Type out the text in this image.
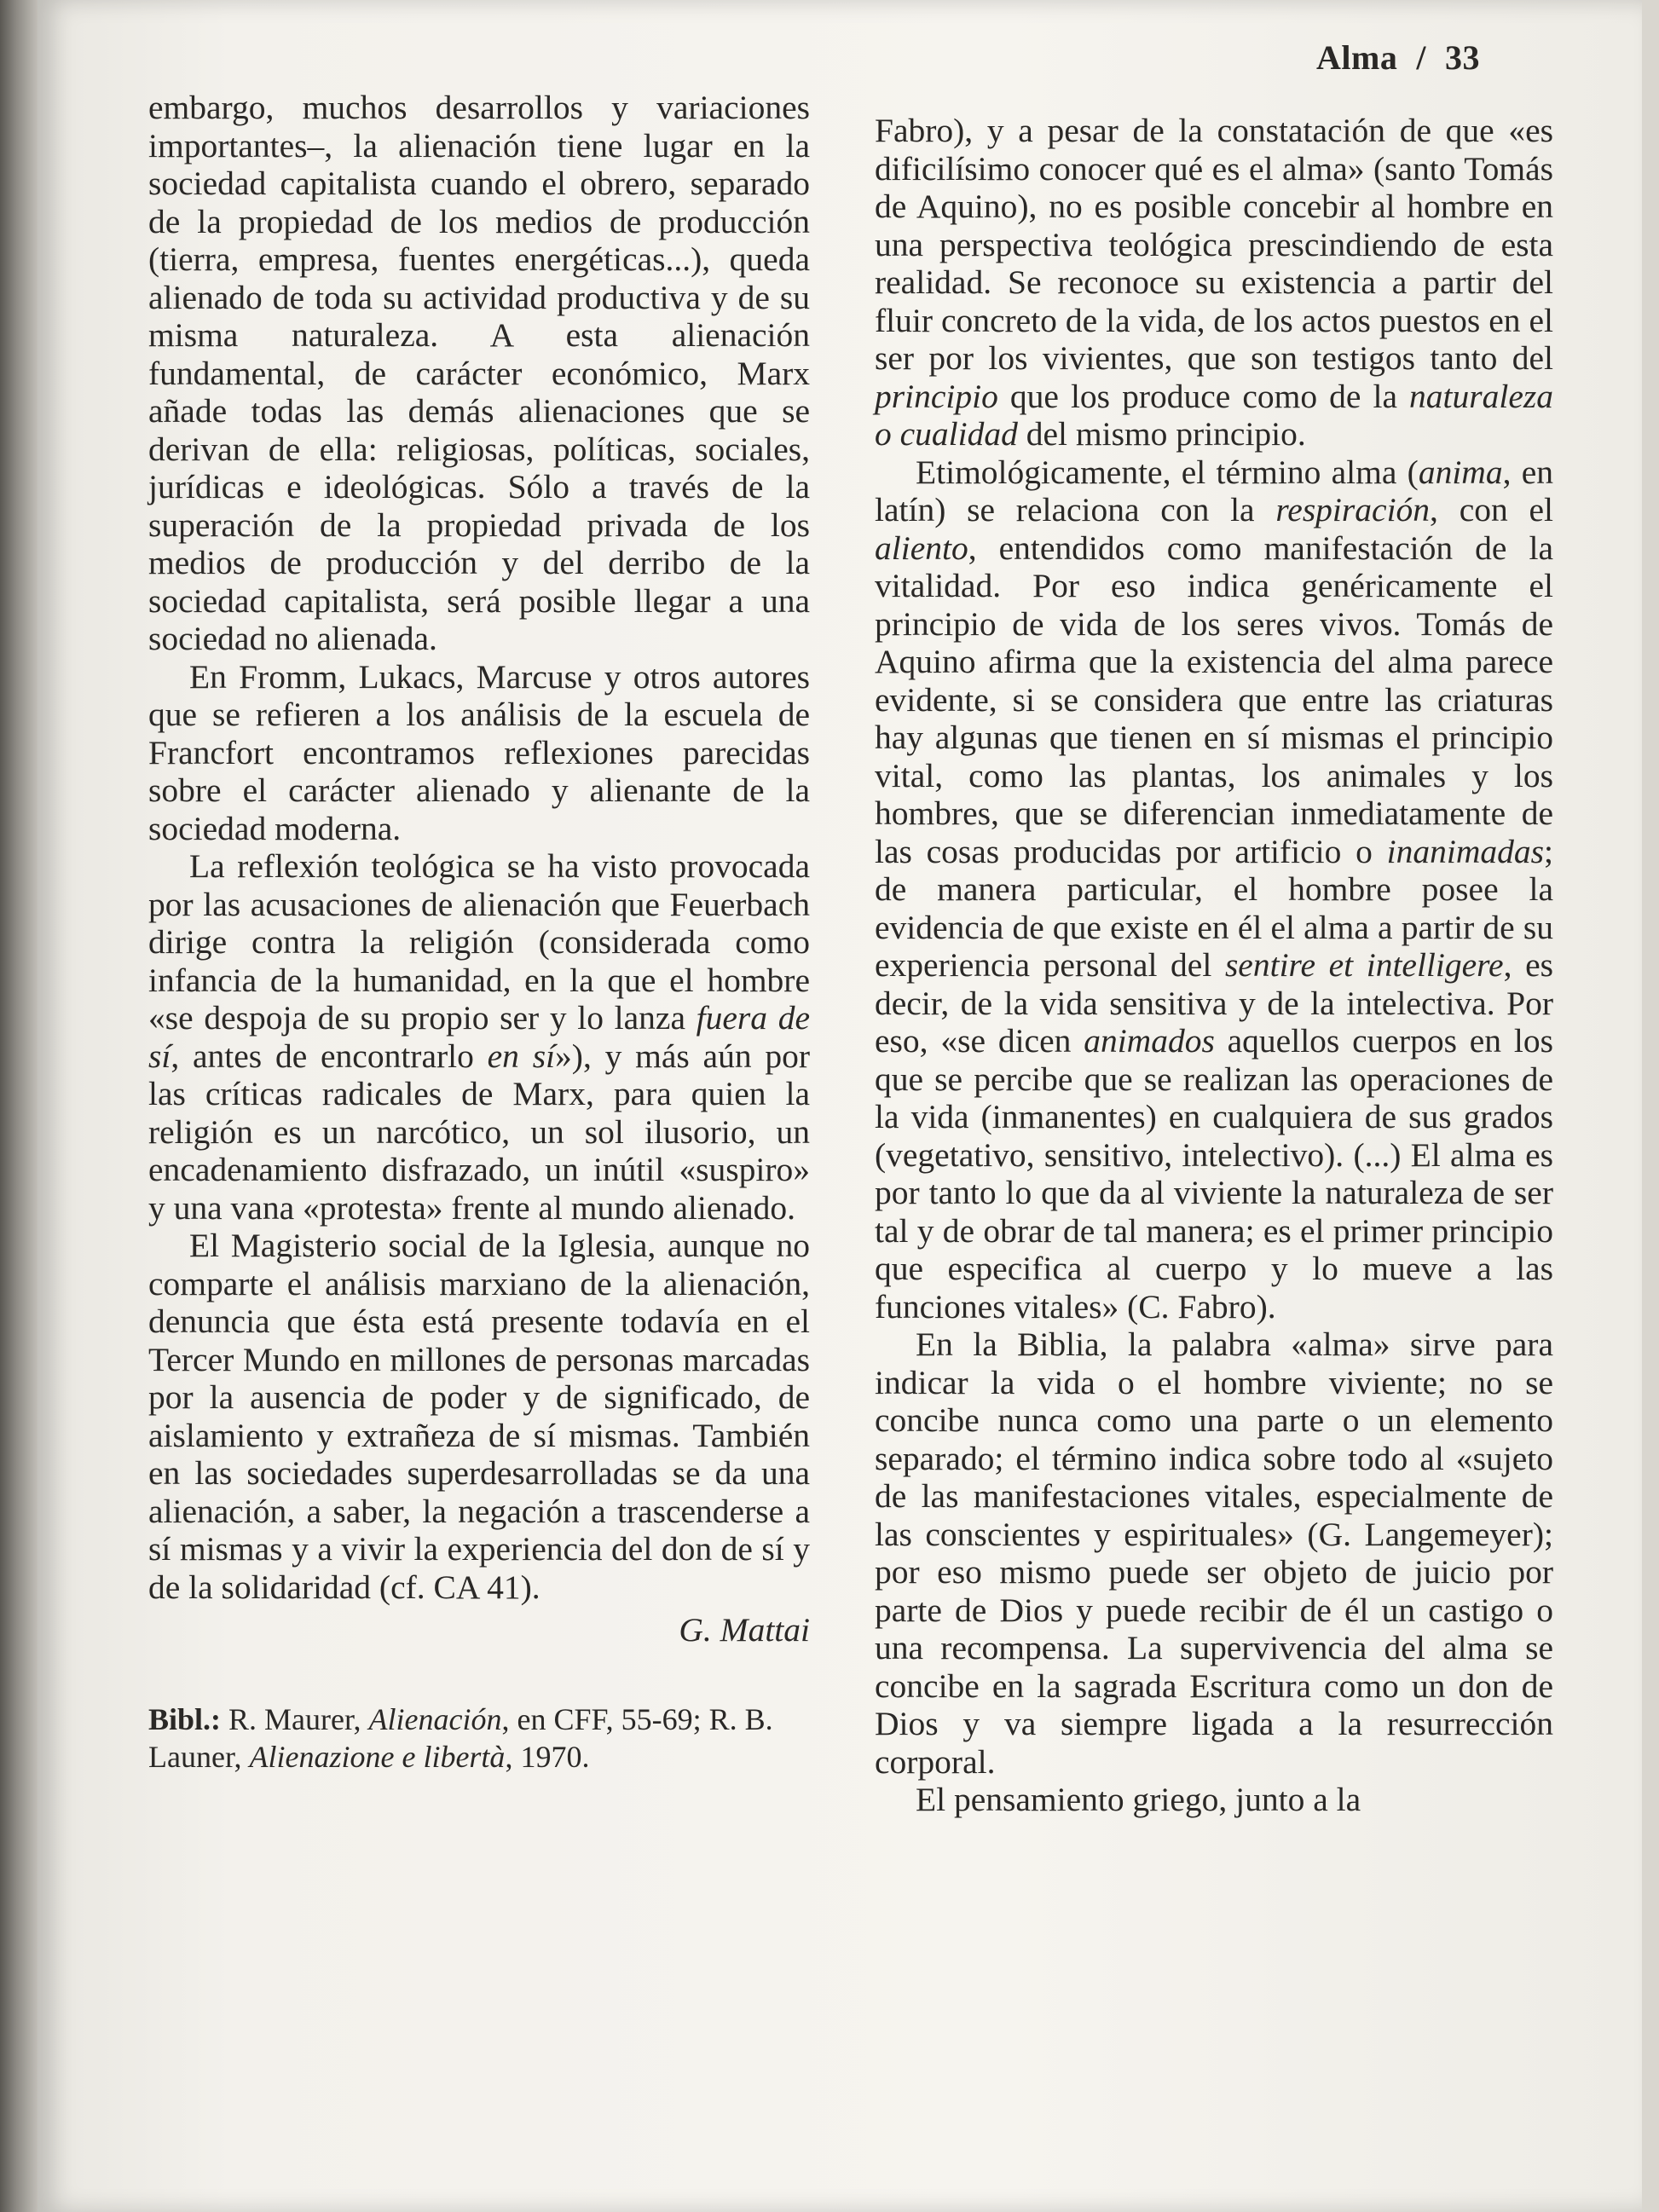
Alma / 33

embargo, muchos desarrollos y variaciones importantes–, la alienación tiene lugar en la sociedad capitalista cuando el obrero, separado de la propiedad de los medios de producción (tierra, empresa, fuentes energéticas...), queda alienado de toda su actividad productiva y de su misma naturaleza. A esta alienación fundamental, de carácter económico, Marx añade todas las demás alienaciones que se derivan de ella: religiosas, políticas, sociales, jurídicas e ideológicas. Sólo a través de la superación de la propiedad privada de los medios de producción y del derribo de la sociedad capitalista, será posible llegar a una sociedad no alienada.

En Fromm, Lukacs, Marcuse y otros autores que se refieren a los análisis de la escuela de Francfort encontramos reflexiones parecidas sobre el carácter alienado y alienante de la sociedad moderna.

La reflexión teológica se ha visto provocada por las acusaciones de alienación que Feuerbach dirige contra la religión (considerada como infancia de la humanidad, en la que el hombre «se despoja de su propio ser y lo lanza fuera de sí, antes de encontrarlo en sí»), y más aún por las críticas radicales de Marx, para quien la religión es un narcótico, un sol ilusorio, un encadenamiento disfrazado, un inútil «suspiro» y una vana «protesta» frente al mundo alienado.

El Magisterio social de la Iglesia, aunque no comparte el análisis marxiano de la alienación, denuncia que ésta está presente todavía en el Tercer Mundo en millones de personas marcadas por la ausencia de poder y de significado, de aislamiento y extrañeza de sí mismas. También en las sociedades superdesarrolladas se da una alienación, a saber, la negación a trascenderse a sí mismas y a vivir la experiencia del don de sí y de la solidaridad (cf. CA 41).

G. Mattai
Bibl.: R. Maurer, Alienación, en CFF, 55-69; R. B. Launer, Alienazione e libertà, 1970.

Fabro), y a pesar de la constatación de que «es dificilísimo conocer qué es el alma» (santo Tomás de Aquino), no es posible concebir al hombre en una perspectiva teológica prescindiendo de esta realidad. Se reconoce su existencia a partir del fluir concreto de la vida, de los actos puestos en el ser por los vivientes, que son testigos tanto del principio que los produce como de la naturaleza o cualidad del mismo principio.

Etimológicamente, el término alma (anima, en latín) se relaciona con la respiración, con el aliento, entendidos como manifestación de la vitalidad. Por eso indica genéricamente el principio de vida de los seres vivos. Tomás de Aquino afirma que la existencia del alma parece evidente, si se considera que entre las criaturas hay algunas que tienen en sí mismas el principio vital, como las plantas, los animales y los hombres, que se diferencian inmediatamente de las cosas producidas por artificio o inanimadas; de manera particular, el hombre posee la evidencia de que existe en él el alma a partir de su experiencia personal del sentire et intelligere, es decir, de la vida sensitiva y de la intelectiva. Por eso, «se dicen animados aquellos cuerpos en los que se percibe que se realizan las operaciones de la vida (inmanentes) en cualquiera de sus grados (vegetativo, sensitivo, intelectivo). (...) El alma es por tanto lo que da al viviente la naturaleza de ser tal y de obrar de tal manera; es el primer principio que especifica al cuerpo y lo mueve a las funciones vitales» (C. Fabro).

En la Biblia, la palabra «alma» sirve para indicar la vida o el hombre viviente; no se concibe nunca como una parte o un elemento separado; el término indica sobre todo al «sujeto de las manifestaciones vitales, especialmente de las conscientes y espirituales» (G. Langemeyer); por eso mismo puede ser objeto de juicio por parte de Dios y puede recibir de él un castigo o una recompensa. La supervivencia del alma se concibe en la sagrada Escritura como un don de Dios y va siempre ligada a la resurrección corporal.

El pensamiento griego, junto a la
